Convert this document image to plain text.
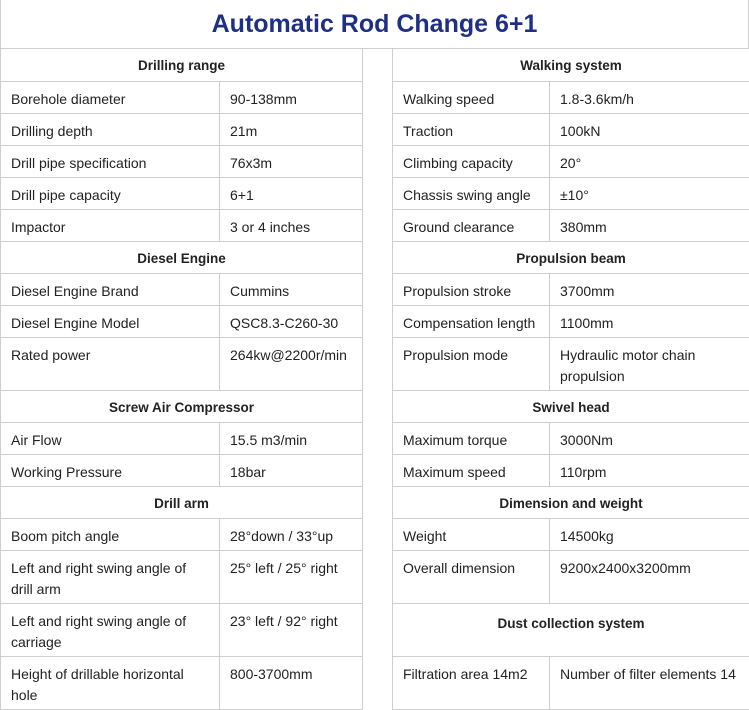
Automatic Rod Change 6+1
Drilling range	
Borehole diameter	90-138mm
Drilling depth	21m
Drill pipe specification	76x3m
Drill pipe capacity	6+1
Impactor	3 or 4 inches
Diesel Engine	
Diesel Engine Brand	Cummins
Diesel Engine Model	QSC8.3-C260-30
Rated power	264kw@2200r/min
Screw Air Compressor	
Air Flow	15.5 m3/min
Working Pressure	18bar
Drill arm	
Boom pitch angle	28°down / 33°up
Left and right swing angle of drill arm	25° left / 25° right
Left and right swing angle of carriage	23° left / 92° right
Height of drillable horizontal hole	800-3700mm
Walking system	
Walking speed	1.8-3.6km/h
Traction	100kN
Climbing capacity	20°
Chassis swing angle	±10°
Ground clearance	380mm
Propulsion beam	
Propulsion stroke	3700mm
Compensation length	1100mm
Propulsion mode	Hydraulic motor chain propulsion
Swivel head	
Maximum torque	3000Nm
Maximum speed	110rpm
Dimension and weight	
Weight	14500kg
Overall dimension	9200x2400x3200mm
Dust collection system	
Filtration area 14m2	Number of filter elements 14
